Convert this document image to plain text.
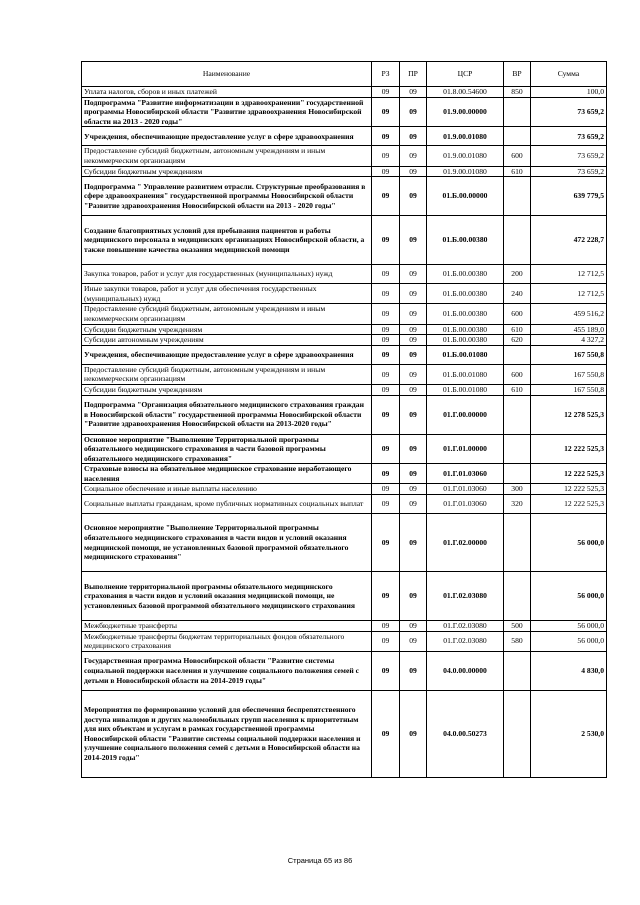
Наименование	РЗ	ПР	ЦСР	ВР	Сумма
Уплата налогов, сборов и иных платежей	09	09	01.8.00.54600	850	100,0
Подпрограмма "Развитие информатизации в здравоохранении" государственной программы Новосибирской области "Развитие здравоохранения Новосибирской области на 2013 - 2020 годы"	09	09	01.9.00.00000		73 659,2
Учреждения, обеспечивающие предоставление услуг в сфере здравоохранения	09	09	01.9.00.01080		73 659,2
Предоставление субсидий бюджетным, автономным учреждениям и иным некоммерческим организациям	09	09	01.9.00.01080	600	73 659,2
Субсидии бюджетным учреждениям	09	09	01.9.00.01080	610	73 659,2
Подпрограмма " Управление развитием отрасли. Структурные преобразования в сфере здравоохранения" государственной программы Новосибирской области "Развитие здравоохранения Новосибирской области на 2013 - 2020 годы"	09	09	01.Б.00.00000		639 779,5
Создание благоприятных условий для пребывания пациентов и работы медицинского персонала в медицинских организациях Новосибирской области, а также повышение качества оказания медицинской помощи	09	09	01.Б.00.00380		472 228,7
Закупка товаров, работ и услуг для государственных (муниципальных) нужд	09	09	01.Б.00.00380	200	12 712,5
Иные закупки товаров, работ и услуг для обеспечения государственных (муниципальных) нужд	09	09	01.Б.00.00380	240	12 712,5
Предоставление субсидий бюджетным, автономным учреждениям и иным некоммерческим организациям	09	09	01.Б.00.00380	600	459 516,2
Субсидии бюджетным учреждениям	09	09	01.Б.00.00380	610	455 189,0
Субсидии автономным учреждениям	09	09	01.Б.00.00380	620	4 327,2
Учреждения, обеспечивающие предоставление услуг в сфере здравоохранения	09	09	01.Б.00.01080		167 550,8
Предоставление субсидий бюджетным, автономным учреждениям и иным некоммерческим организациям	09	09	01.Б.00.01080	600	167 550,8
Субсидии бюджетным учреждениям	09	09	01.Б.00.01080	610	167 550,8
Подпрограмма "Организация обязательного медицинского страхования граждан в Новосибирской области" государственной программы Новосибирской области "Развитие здравоохранения Новосибирской области на 2013-2020 годы"	09	09	01.Г.00.00000		12 278 525,3
Основное мероприятие "Выполнение Территориальной программы обязательного медицинского страхования в части базовой программы обязательного медицинского страхования"	09	09	01.Г.01.00000		12 222 525,3
Страховые взносы на обязательное медицинское страхование неработающего населения	09	09	01.Г.01.03060		12 222 525,3
Социальное обеспечение и иные выплаты населению	09	09	01.Г.01.03060	300	12 222 525,3
Социальные выплаты гражданам, кроме публичных нормативных социальных выплат	09	09	01.Г.01.03060	320	12 222 525,3
Основное мероприятие "Выполнение Территориальной программы обязательного медицинского страхования в части видов и условий оказания медицинской помощи, не установленных базовой программой обязательного медицинского страхования"	09	09	01.Г.02.00000		56 000,0
Выполнение территориальной программы обязательного медицинского страхования в части видов и условий оказания медицинской помощи, не установленных базовой программой обязательного медицинского страхования	09	09	01.Г.02.03080		56 000,0
Межбюджетные трансферты	09	09	01.Г.02.03080	500	56 000,0
Межбюджетные трансферты бюджетам территориальных фондов обязательного медицинского страхования	09	09	01.Г.02.03080	580	56 000,0
Государственная программа Новосибирской области "Развитие системы социальной поддержки населения и улучшение социального положения семей с детьми в Новосибирской области на 2014-2019 годы"	09	09	04.0.00.00000		4 830,0
Мероприятия по формированию условий для обеспечения беспрепятственного доступа инвалидов и других маломобильных групп населения к приоритетным для них объектам и услугам в рамках государственной программы Новосибирской области "Развитие системы социальной поддержки населения и улучшение социального положения семей с детьми в Новосибирской области на 2014-2019 годы"	09	09	04.0.00.50273		2 530,0
Страница 65 из 86
